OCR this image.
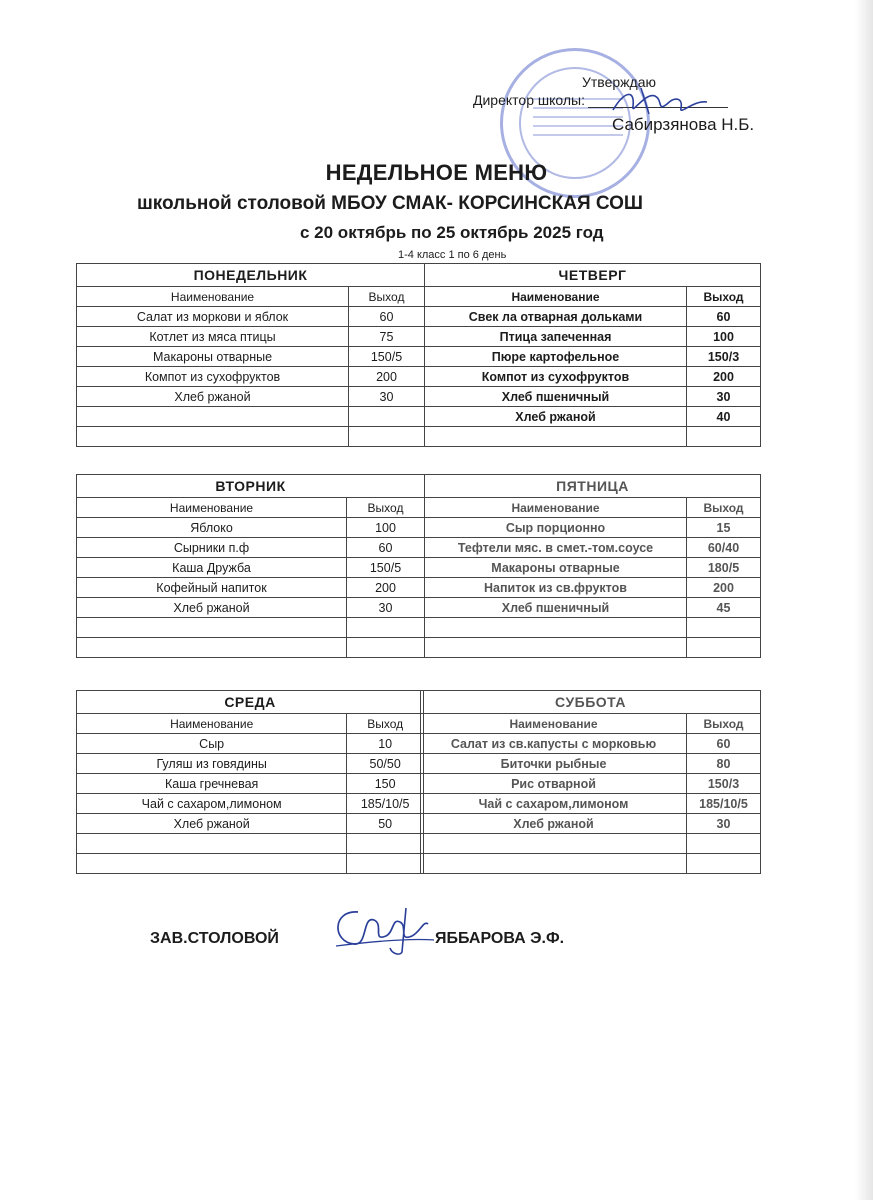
Утверждаю
Директор школы:
Сабирзянова Н.Б.
НЕДЕЛЬНОЕ МЕНЮ
школьной столовой МБОУ СМАК- КОРСИНСКАЯ СОШ
с 20 октябрь по 25 октябрь 2025 год
1-4 класс 1 по 6 день
ПОНЕДЕЛЬНИК	
Наименование	Выход
Салат из моркови и яблок	60
Котлет из мяса птицы	75
Макароны отварные	150/5
Компот из сухофруктов	200
Хлеб ржаной	30

ЧЕТВЕРГ	
Наименование	Выход
Свек ла отварная дольками	60
Птица запеченная	100
Пюре картофельное	150/3
Компот из сухофруктов	200
Хлеб пшеничный	30
Хлеб ржаной	40

ВТОРНИК	
Наименование	Выход
Яблоко	100
Сырники п.ф	60
Каша Дружба	150/5
Кофейный напиток	200
Хлеб ржаной	30

ПЯТНИЦА	
Наименование	Выход
Сыр порционно	15
Тефтели мяс. в смет.-том.соусе	60/40
Макароны отварные	180/5
Напиток из св.фруктов	200
Хлеб пшеничный	45

СРЕДА	
Наименование	Выход
Сыр	10
Гуляш из говядины	50/50
Каша гречневая	150
Чай с сахаром,лимоном	185/10/5
Хлеб ржаной	50

СУББОТА	
Наименование	Выход
Салат из св.капусты с морковью	60
Биточки рыбные	80
Рис отварной	150/3
Чай с сахаром,лимоном	185/10/5
Хлеб ржаной	30

ЗАВ.СТОЛОВОЙ	ЯББАРОВА Э.Ф.
